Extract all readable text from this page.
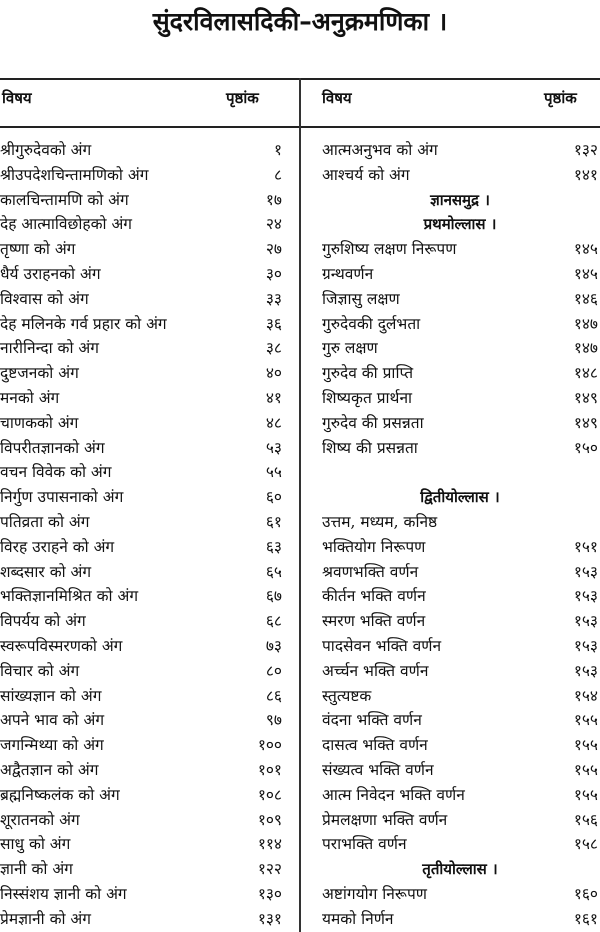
सुंदरविलासदिकी–अनुक्रमणिका ।
विषय	पृष्ठांक	विषय	पृष्ठांक
श्रीगुरुदेवको अंग	१
श्रीउपदेशचिन्तामणिको अंग	८
कालचिन्तामणि को अंग	१७
देह आत्माविछोहको अंग	२४
तृष्णा को अंग	२७
धैर्य उराहनको अंग	३०
विश्वास को अंग	३३
देह मलिनके गर्व प्रहार को अंग	३६
नारीनिन्दा को अंग	३८
दुष्टजनको अंग	४०
मनको अंग	४१
चाणकको अंग	४८
विपरीतज्ञानको अंग	५३
वचन विवेक को अंग	५५
निर्गुण उपासनाको अंग	६०
पतिव्रता को अंग	६१
विरह उराहने को अंग	६३
शब्दसार को अंग	६५
भक्तिज्ञानमिश्रित को अंग	६७
विपर्यय को अंग	६८
स्वरूपविस्मरणको अंग	७३
विचार को अंग	८०
सांख्यज्ञान को अंग	८६
अपने भाव को अंग	९७
जगन्मिथ्या को अंग	१००
अद्वैतज्ञान को अंग	१०१
ब्रह्मनिष्कलंक को अंग	१०८
शूरातनको अंग	१०९
साधु को अंग	११४
ज्ञानी को अंग	१२२
निस्संशय ज्ञानी को अंग	१३०
प्रेमज्ञानी को अंग	१३१
आत्मअनुभव को अंग	१३२
आश्चर्य को अंग	१४१
ज्ञानसमुद्र ।
प्रथमोल्लास ।
गुरुशिष्य लक्षण निरूपण	१४५
ग्रन्थवर्णन	१४५
जिज्ञासु लक्षण	१४६
गुरुदेवकी दुर्लभता	१४७
गुरु लक्षण	१४७
गुरुदेव की प्राप्ति	१४८
शिष्यकृत प्रार्थना	१४९
गुरुदेव की प्रसन्नता	१४९
शिष्य की प्रसन्नता	१५०
द्वितीयोल्लास ।
उत्तम, मध्यम, कनिष्ठ
भक्तियोग निरूपण	१५१
श्रवणभक्ति वर्णन	१५३
कीर्तन भक्ति वर्णन	१५३
स्मरण भक्ति वर्णन	१५३
पादसेवन भक्ति वर्णन	१५३
अर्च्चन भक्ति वर्णन	१५३
स्तुत्यष्टक	१५४
वंदना भक्ति वर्णन	१५५
दासत्व भक्ति वर्णन	१५५
संख्यत्व भक्ति वर्णन	१५५
आत्म निवेदन भक्ति वर्णन	१५५
प्रेमलक्षणा भक्ति वर्णन	१५६
पराभक्ति वर्णन	१५८
तृतीयोल्लास ।
अष्टांगयोग निरूपण	१६०
यमको निर्णन	१६१
